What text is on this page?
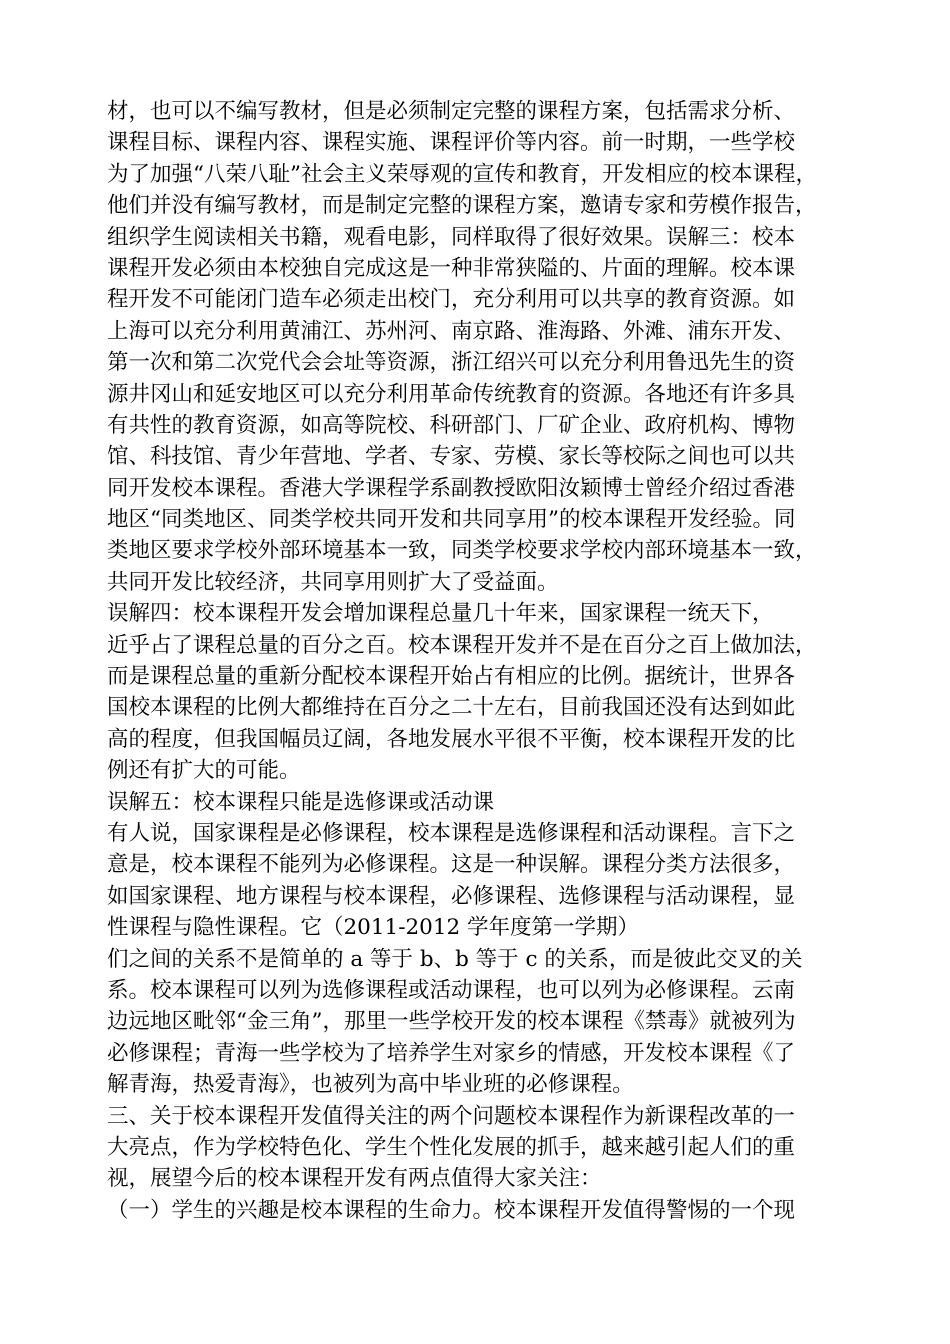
材，也可以不编写教材，但是必须制定完整的课程方案，包括需求分析、
课程目标、课程内容、课程实施、课程评价等内容。前一时期，一些学校
为了加强“八荣八耻”社会主义荣辱观的宣传和教育，开发相应的校本课程，
他们并没有编写教材，而是制定完整的课程方案，邀请专家和劳模作报告，
组织学生阅读相关书籍，观看电影，同样取得了很好效果。误解三：校本
课程开发必须由本校独自完成这是一种非常狭隘的、片面的理解。校本课
程开发不可能闭门造车必须走出校门，充分利用可以共享的教育资源。如
上海可以充分利用黄浦江、苏州河、南京路、淮海路、外滩、浦东开发、
第一次和第二次党代会会址等资源，浙江绍兴可以充分利用鲁迅先生的资
源井冈山和延安地区可以充分利用革命传统教育的资源。各地还有许多具
有共性的教育资源，如高等院校、科研部门、厂矿企业、政府机构、博物
馆、科技馆、青少年营地、学者、专家、劳模、家长等校际之间也可以共
同开发校本课程。香港大学课程学系副教授欧阳汝颖博士曾经介绍过香港
地区“同类地区、同类学校共同开发和共同享用”的校本课程开发经验。同
类地区要求学校外部环境基本一致，同类学校要求学校内部环境基本一致，
共同开发比较经济，共同享用则扩大了受益面。
误解四：校本课程开发会增加课程总量几十年来，国家课程一统天下，
近乎占了课程总量的百分之百。校本课程开发并不是在百分之百上做加法，
而是课程总量的重新分配校本课程开始占有相应的比例。据统计，世界各
国校本课程的比例大都维持在百分之二十左右，目前我国还没有达到如此
高的程度，但我国幅员辽阔，各地发展水平很不平衡，校本课程开发的比
例还有扩大的可能。
误解五：校本课程只能是选修课或活动课
有人说，国家课程是必修课程，校本课程是选修课程和活动课程。言下之
意是，校本课程不能列为必修课程。这是一种误解。课程分类方法很多，
如国家课程、地方课程与校本课程，必修课程、选修课程与活动课程，显
性课程与隐性课程。它（2011-2012 学年度第一学期）
们之间的关系不是简单的 a 等于 b、b 等于 c 的关系，而是彼此交叉的关
系。校本课程可以列为选修课程或活动课程，也可以列为必修课程。云南
边远地区毗邻“金三角”，那里一些学校开发的校本课程《禁毒》就被列为
必修课程；青海一些学校为了培养学生对家乡的情感，开发校本课程《了
解青海，热爱青海》，也被列为高中毕业班的必修课程。
三、关于校本课程开发值得关注的两个问题校本课程作为新课程改革的一
大亮点，作为学校特色化、学生个性化发展的抓手，越来越引起人们的重
视，展望今后的校本课程开发有两点值得大家关注：
（一）学生的兴趣是校本课程的生命力。校本课程开发值得警惕的一个现
